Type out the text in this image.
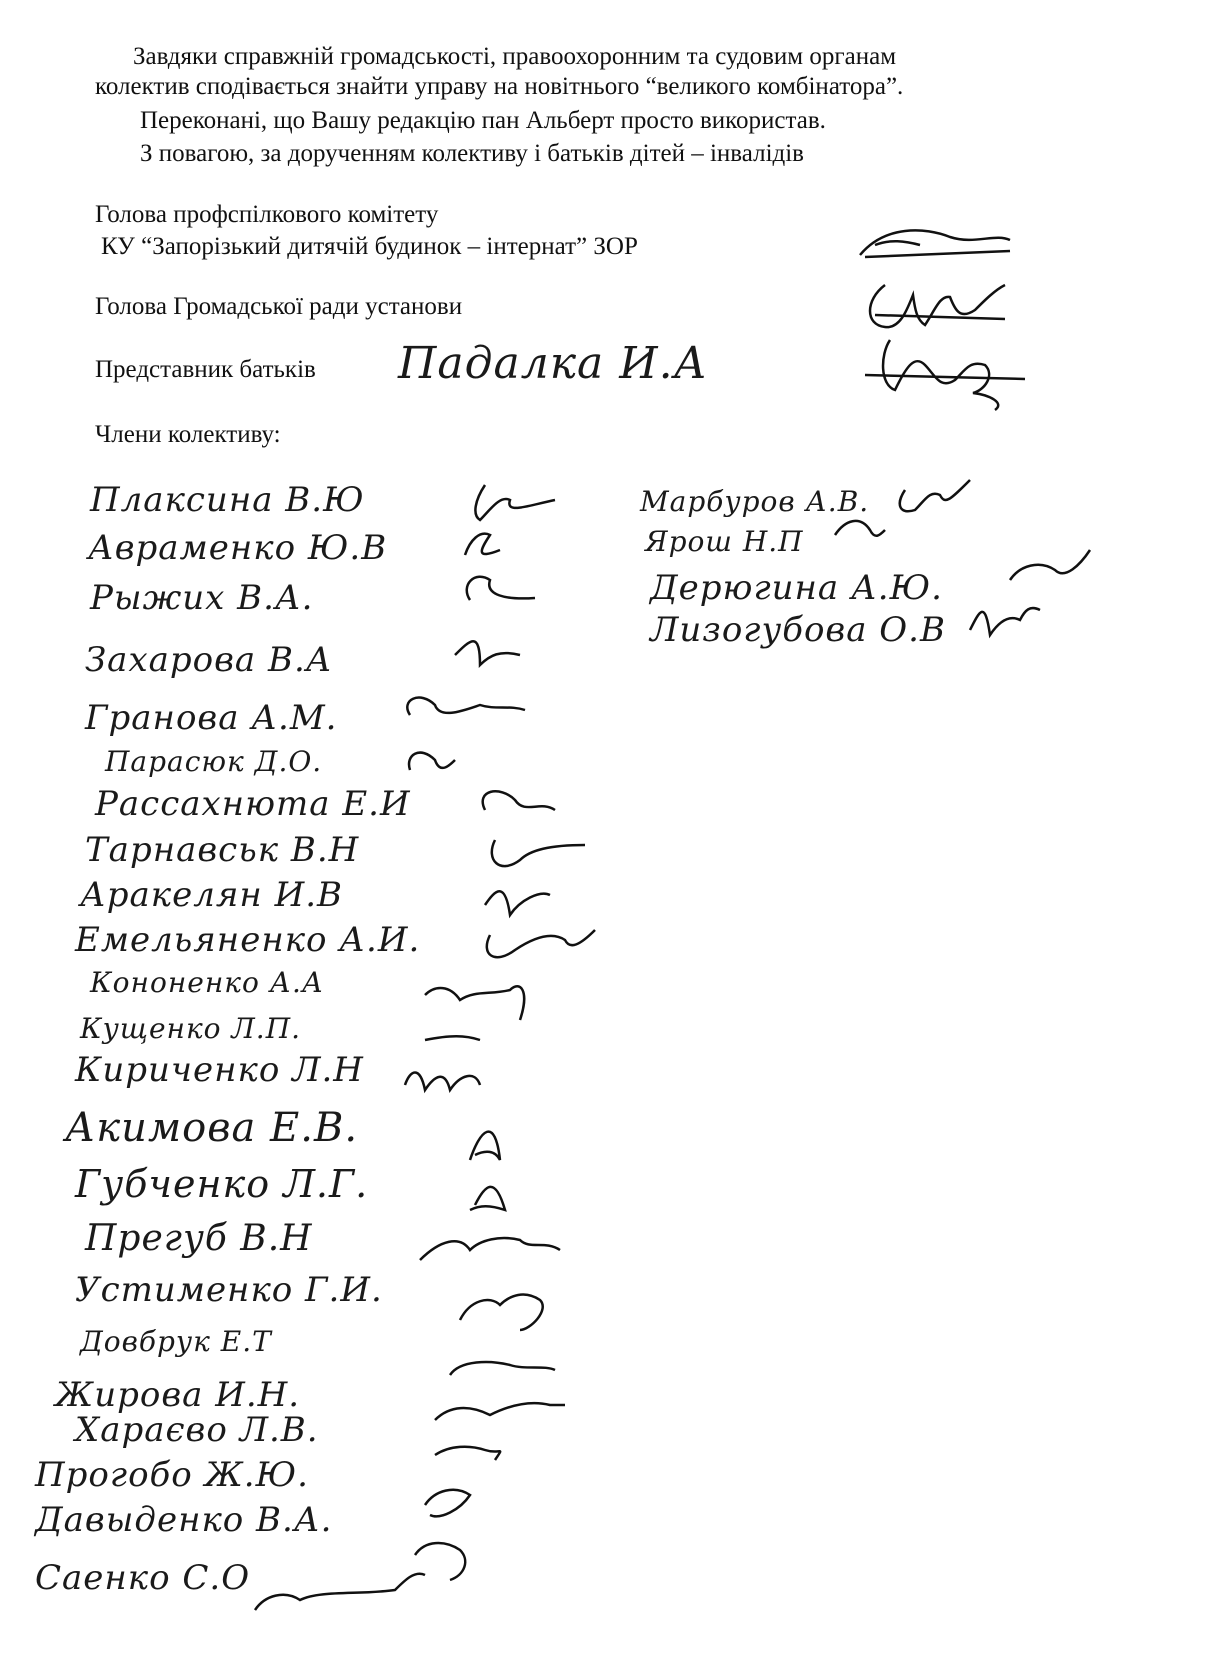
Завдяки справжній громадськості, правоохоронним та судовим органам
колектив сподівається знайти управу на новітнього “великого комбінатора”.
Переконані, що Вашу редакцію пан Альберт просто використав.
З повагою, за дорученням колективу і батьків дітей – інвалідів
Голова профспілкового комітету
КУ “Запорізький дитячій будинок – інтернат” ЗОР
Голова Громадської ради установи
Представник батьків Падалка И.А
Члени колективу:
Плаксина В.Ю
Авраменко Ю.В
Рыжих В.А.
Захарова В.А
Гранова А.М.
Парасюк Д.О.
Рассахнюта Е.И
Тарнавськ В.Н
Аракелян И.В
Емельяненко А.И.
Кононенко А.А
Кущенко Л.П.
Кириченко Л.Н
Акимова Е.В.
Губченко Л.Г.
Прегуб В.Н
Устименко Г.И.
Довбрук Е.Т
Жирова И.Н.
Хараєво Л.В.
Прогобо Ж.Ю.
Давыденко В.А.
Саенко С.О
Марбуров А.В.
Ярош Н.П
Дерюгина А.Ю.
Лизогубова О.В
